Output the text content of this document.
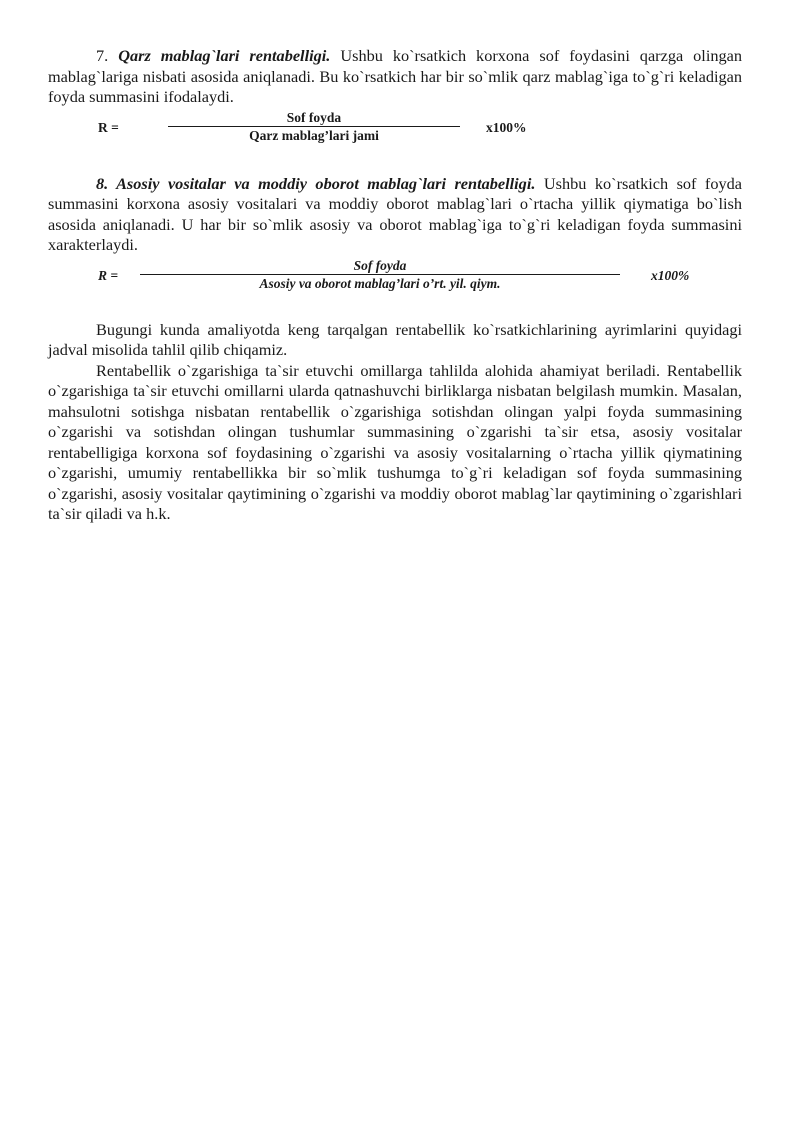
7. Qarz mablag`lari rentabelligi. Ushbu ko`rsatkich korxona sof foydasini qarzga olingan mablag`lariga nisbati asosida aniqlanadi. Bu ko`rsatkich har bir so`mlik qarz mablag`iga to`g`ri keladigan foyda summasini ifodalaydi.

R =
Sof foyda
Qarz mablag’lari jami
x100%

8. Asosiy vositalar va moddiy oborot mablag`lari rentabelligi. Ushbu ko`rsatkich sof foyda summasini korxona asosiy vositalari va moddiy oborot mablag`lari o`rtacha yillik qiymatiga bo`lish asosida aniqlanadi. U har bir so`mlik asosiy va oborot mablag`iga to`g`ri keladigan foyda summasini xarakterlaydi.

R =
Sof foyda
Asosiy va oborot mablag’lari o’rt. yil. qiym.
x100%

Bugungi kunda amaliyotda keng tarqalgan rentabellik ko`rsatkichlarining ayrimlarini quyidagi jadval misolida tahlil qilib chiqamiz.

Rentabellik o`zgarishiga ta`sir etuvchi omillarga tahlilda alohida ahamiyat beriladi. Rentabellik o`zgarishiga ta`sir etuvchi omillarni ularda qatnashuvchi birliklarga nisbatan belgilash mumkin. Masalan, mahsulotni sotishga nisbatan rentabellik o`zgarishiga sotishdan olingan yalpi foyda summasining o`zgarishi va sotishdan olingan tushumlar summasining o`zgarishi ta`sir etsa, asosiy vositalar rentabelligiga korxona sof foydasining o`zgarishi va asosiy vositalarning o`rtacha yillik qiymatining o`zgarishi, umumiy rentabellikka bir so`mlik tushumga to`g`ri keladigan sof foyda summasining o`zgarishi, asosiy vositalar qaytimining o`zgarishi va moddiy oborot mablag`lar qaytimining o`zgarishlari ta`sir qiladi va h.k.
